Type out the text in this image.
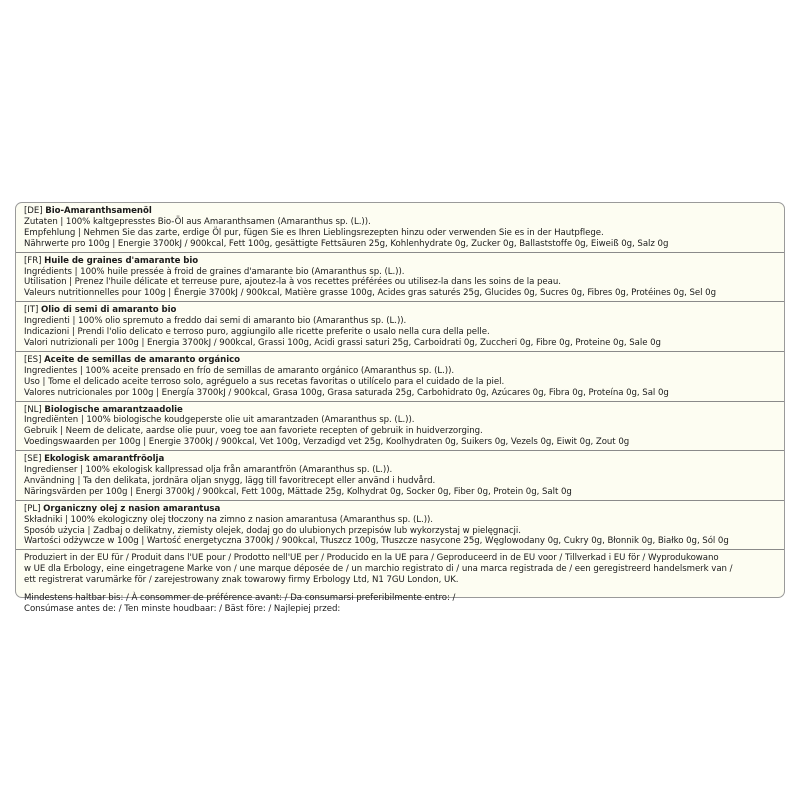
[DE] Bio-Amaranthsamenöl
Zutaten | 100% kaltgepresstes Bio-Öl aus Amaranthsamen (Amaranthus sp. (L.)).
Empfehlung | Nehmen Sie das zarte, erdige Öl pur, fügen Sie es Ihren Lieblingsrezepten hinzu oder verwenden Sie es in der Hautpflege.
Nährwerte pro 100g | Energie 3700kJ / 900kcal, Fett 100g, gesättigte Fettsäuren 25g, Kohlenhydrate 0g, Zucker 0g, Ballaststoffe 0g, Eiweiß 0g, Salz 0g
[FR] Huile de graines d'amarante bio
Ingrédients | 100% huile pressée à froid de graines d'amarante bio (Amaranthus sp. (L.)).
Utilisation | Prenez l'huile délicate et terreuse pure, ajoutez-la à vos recettes préférées ou utilisez-la dans les soins de la peau.
Valeurs nutritionnelles pour 100g | Énergie 3700kJ / 900kcal, Matière grasse 100g, Acides gras saturés 25g, Glucides 0g, Sucres 0g, Fibres 0g, Protéines 0g, Sel 0g
[IT] Olio di semi di amaranto bio
Ingredienti | 100% olio spremuto a freddo dai semi di amaranto bio (Amaranthus sp. (L.)).
Indicazioni | Prendi l'olio delicato e terroso puro, aggiungilo alle ricette preferite o usalo nella cura della pelle.
Valori nutrizionali per 100g | Energia 3700kJ / 900kcal, Grassi 100g, Acidi grassi saturi 25g, Carboidrati 0g, Zuccheri 0g, Fibre 0g, Proteine 0g, Sale 0g
[ES] Aceite de semillas de amaranto orgánico
Ingredientes | 100% aceite prensado en frío de semillas de amaranto orgánico (Amaranthus sp. (L.)).
Uso | Tome el delicado aceite terroso solo, agréguelo a sus recetas favoritas o utilícelo para el cuidado de la piel.
Valores nutricionales por 100g | Energía 3700kJ / 900kcal, Grasa 100g, Grasa saturada 25g, Carbohidrato 0g, Azúcares 0g, Fibra 0g, Proteína 0g, Sal 0g
[NL] Biologische amarantzaadolie
Ingrediënten | 100% biologische koudgeperste olie uit amarantzaden (Amaranthus sp. (L.)).
Gebruik | Neem de delicate, aardse olie puur, voeg toe aan favoriete recepten of gebruik in huidverzorging.
Voedingswaarden per 100g | Energie 3700kJ / 900kcal, Vet 100g, Verzadigd vet 25g, Koolhydraten 0g, Suikers 0g, Vezels 0g, Eiwit 0g, Zout 0g
[SE] Ekologisk amarantfröolja
Ingredienser | 100% ekologisk kallpressad olja från amarantfrön (Amaranthus sp. (L.)).
Användning | Ta den delikata, jordnära oljan snygg, lägg till favoritrecept eller använd i hudvård.
Näringsvärden per 100g | Energi 3700kJ / 900kcal, Fett 100g, Mättade 25g, Kolhydrat 0g, Socker 0g, Fiber 0g, Protein 0g, Salt 0g
[PL] Organiczny olej z nasion amarantusa
Składniki | 100% ekologiczny olej tłoczony na zimno z nasion amarantusa (Amaranthus sp. (L.)).
Sposób użycia | Zadbaj o delikatny, ziemisty olejek, dodaj go do ulubionych przepisów lub wykorzystaj w pielęgnacji.
Wartości odżywcze w 100g | Wartość energetyczna 3700kJ / 900kcal, Tłuszcz 100g, Tłuszcze nasycone 25g, Węglowodany 0g, Cukry 0g, Błonnik 0g, Białko 0g, Sól 0g
Produziert in der EU für / Produit dans l'UE pour / Prodotto nell'UE per / Producido en la UE para / Geproduceerd in de EU voor / Tillverkad i EU för / Wyprodukowano
w UE dla Erbology, eine eingetragene Marke von / une marque déposée de / un marchio registrato di / una marca registrada de / een geregistreerd handelsmerk van /
ett registrerat varumärke för / zarejestrowany znak towarowy firmy Erbology Ltd, N1 7GU London, UK.
Mindestens haltbar bis: / À consommer de préférence avant: / Da consumarsi preferibilmente entro: /
Consúmase antes de: / Ten minste houdbaar: / Bäst före: / Najlepiej przed:
